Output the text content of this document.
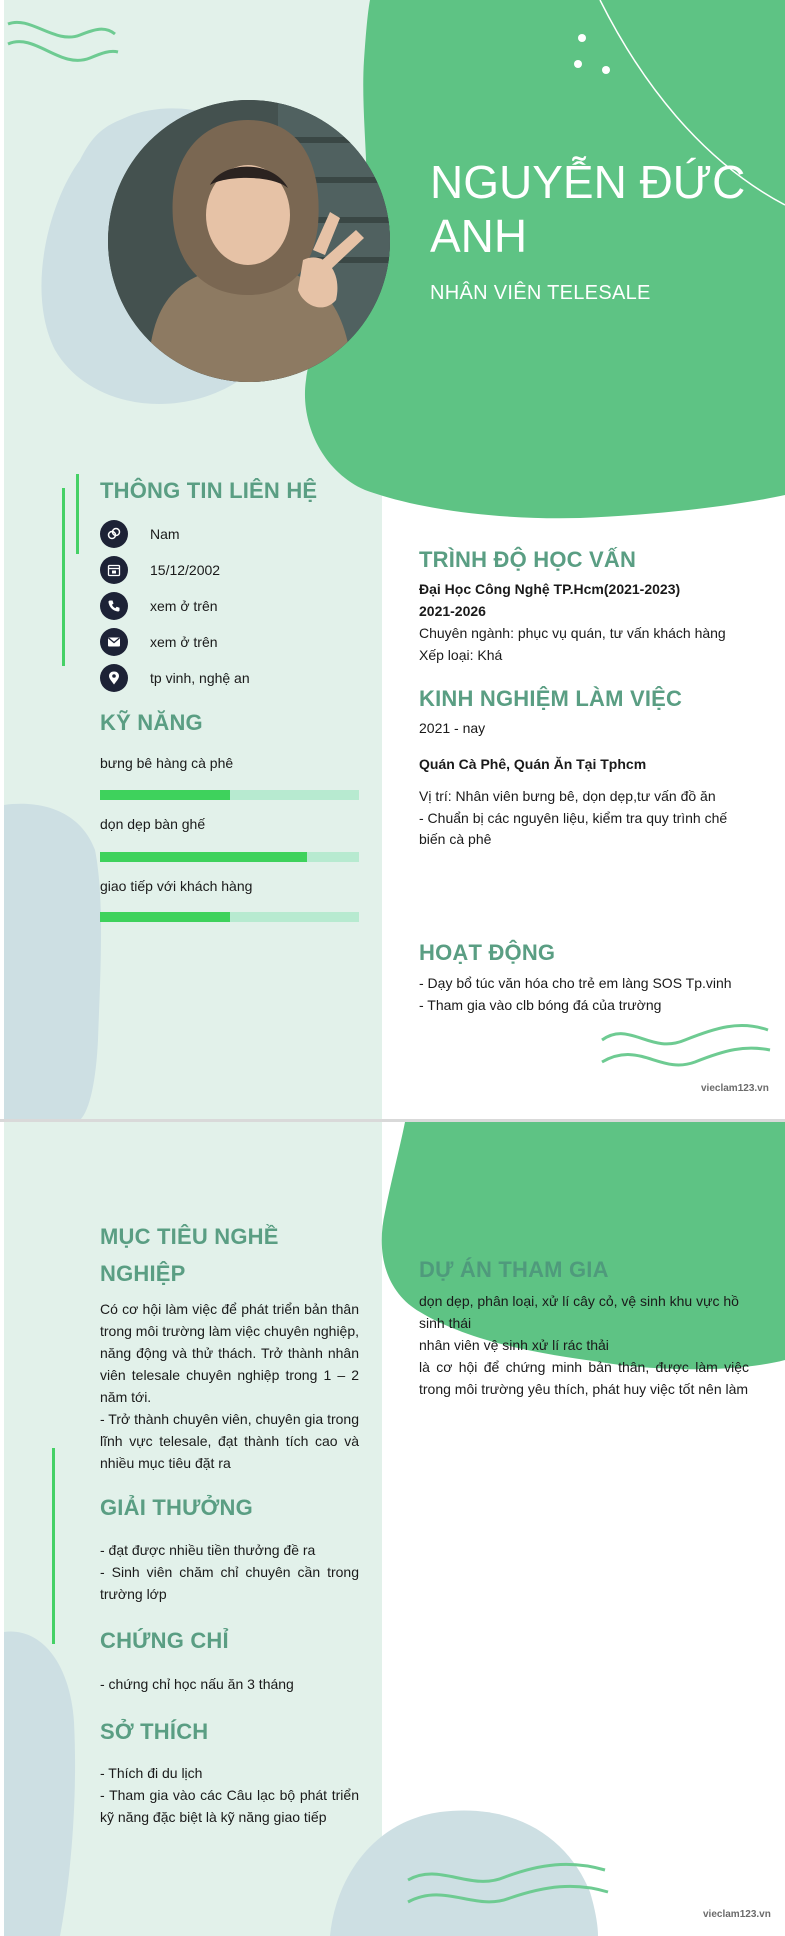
NGUYỄN ĐỨC
ANH
NHÂN VIÊN TELESALE
THÔNG TIN LIÊN HỆ
Nam
15/12/2002
xem ở trên
xem ở trên
tp vinh, nghệ an
KỸ NĂNG
bưng bê hàng cà phê
dọn dẹp bàn ghế
giao tiếp với khách hàng
TRÌNH ĐỘ HỌC VẤN
Đại Học Công Nghệ TP.Hcm(2021-2023)
2021-2026
Chuyên ngành: phục vụ quán, tư vấn khách hàng
Xếp loại: Khá
KINH NGHIỆM LÀM VIỆC
2021 - nay
Quán Cà Phê, Quán Ăn Tại Tphcm
Vị trí: Nhân viên bưng bê, dọn dẹp,tư vấn đồ ăn
- Chuẩn bị các nguyên liệu, kiểm tra quy trình chế
biến cà phê
HOẠT ĐỘNG
- Dạy bổ túc văn hóa cho trẻ em làng SOS Tp.vinh
- Tham gia vào clb bóng đá của trường
vieclam123.vn
MỤC TIÊU NGHỀ
NGHIỆP
Có cơ hội làm việc để phát triển bản thân trong môi trường làm việc chuyên nghiệp, năng động và thử thách. Trở thành nhân viên telesale chuyên nghiệp trong 1 – 2 năm tới.
- Trở thành chuyên viên, chuyên gia trong lĩnh vực telesale, đạt thành tích cao và nhiều mục tiêu đặt ra
GIẢI THƯỞNG
- đạt được nhiều tiền thưởng đề ra
- Sinh viên chăm chỉ chuyên cần trong trường lớp
CHỨNG CHỈ
- chứng chỉ học nấu ăn 3 tháng
SỞ THÍCH
- Thích đi du lịch
- Tham gia vào các Câu lạc bộ phát triển kỹ năng đặc biệt là kỹ năng giao tiếp
DỰ ÁN THAM GIA
dọn dẹp, phân loại, xử lí cây cỏ, vệ sinh khu vực hồ sinh thái
nhân viên vệ sinh xử lí rác thải
là cơ hội để chứng minh bản thân, được làm việc trong môi trường yêu thích, phát huy việc tốt nên làm
vieclam123.vn
